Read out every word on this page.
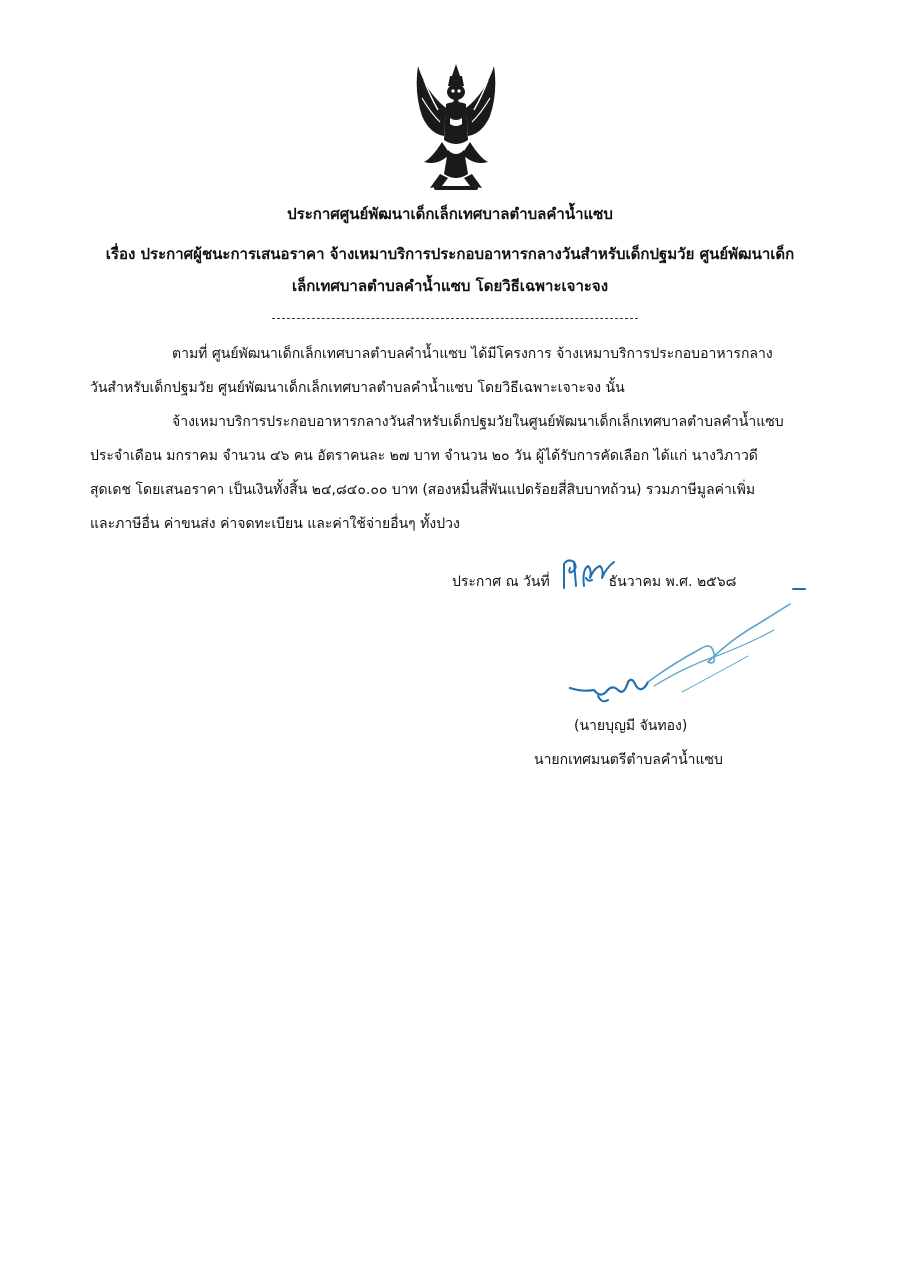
ประกาศศูนย์พัฒนาเด็กเล็กเทศบาลตำบลคำน้ำแซบ
เรื่อง ประกาศผู้ชนะการเสนอราคา จ้างเหมาบริการประกอบอาหารกลางวันสำหรับเด็กปฐมวัย ศูนย์พัฒนาเด็ก
เล็กเทศบาลตำบลคำน้ำแซบ โดยวิธีเฉพาะเจาะจง
ตามที่ ศูนย์พัฒนาเด็กเล็กเทศบาลตำบลคำน้ำแซบ ได้มีโครงการ จ้างเหมาบริการประกอบอาหารกลาง
วันสำหรับเด็กปฐมวัย ศูนย์พัฒนาเด็กเล็กเทศบาลตำบลคำน้ำแซบ โดยวิธีเฉพาะเจาะจง นั้น
จ้างเหมาบริการประกอบอาหารกลางวันสำหรับเด็กปฐมวัยในศูนย์พัฒนาเด็กเล็กเทศบาลตำบลคำน้ำแซบ
ประจำเดือน มกราคม จำนวน ๔๖ คน อัตราคนละ ๒๗ บาท จำนวน ๒๐ วัน ผู้ได้รับการคัดเลือก ได้แก่ นางวิภาวดี
สุดเดช โดยเสนอราคา เป็นเงินทั้งสิ้น ๒๔,๘๔๐.๐๐ บาท (สองหมื่นสี่พันแปดร้อยสี่สิบบาทถ้วน) รวมภาษีมูลค่าเพิ่ม
และภาษีอื่น ค่าขนส่ง ค่าจดทะเบียน และค่าใช้จ่ายอื่นๆ ทั้งปวง
ประกาศ ณ วันที่	ธันวาคม พ.ศ. ๒๕๖๘
(นายบุญมี จันทอง)
นายกเทศมนตรีตำบลคำน้ำแซบ
